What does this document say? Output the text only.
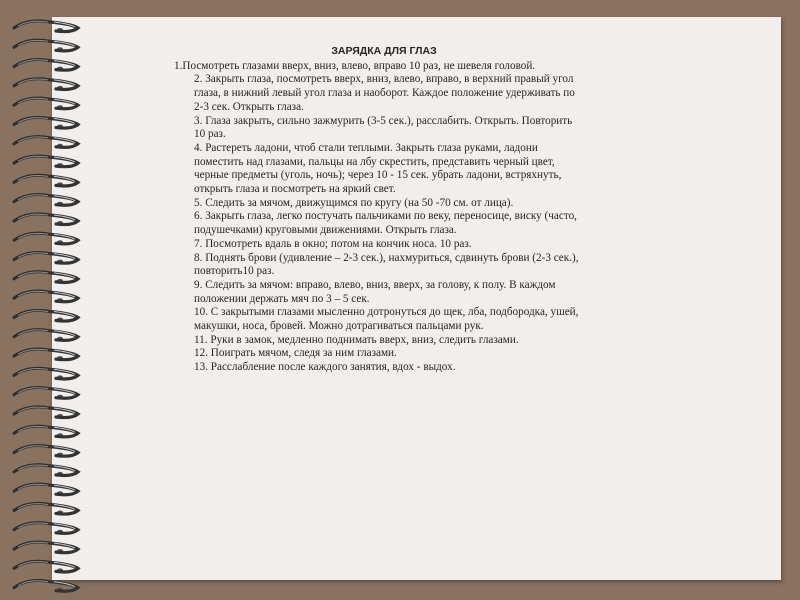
ЗАРЯДКА ДЛЯ ГЛАЗ
1.Посмотреть глазами вверх, вниз, влево, вправо 10 раз, не шевеля головой.
2. Закрыть глаза, посмотреть вверх, вниз, влево, вправо, в верхний правый угол глаза, в нижний левый угол глаза и наоборот. Каждое положение удерживать по 2-3 сек. Открыть глаза.
3. Глаза закрыть, сильно зажмурить (3-5 сек.), расслабить. Открыть. Повторить 10 раз.
4. Растереть ладони, чтоб стали теплыми. Закрыть глаза руками, ладони поместить над глазами, пальцы на лбу скрестить, представить черный цвет, черные предметы (уголь, ночь); через 10 - 15 сек. убрать ладони, встряхнуть, открыть глаза и посмотреть на яркий свет.
5. Следить за мячом, движущимся по кругу (на 50 -70 см. от лица).
6. Закрыть глаза, легко постучать пальчиками по веку, переносице, виску (часто, подушечками) круговыми движениями. Открыть глаза.
7. Посмотреть вдаль в окно; потом на кончик носа. 10 раз.
8. Поднять брови (удивление – 2-3 сек.), нахмуриться, сдвинуть брови (2-3 сек.), повторить10 раз.
9. Следить за мячом: вправо, влево, вниз, вверх, за голову, к полу. В каждом положении держать мяч по 3 – 5 сек.
10. С закрытыми глазами мысленно дотронуться до щек, лба, подбородка, ушей, макушки, носа, бровей. Можно дотрагиваться пальцами рук.
11. Руки в замок, медленно поднимать вверх, вниз, следить глазами.
12. Поиграть мячом, следя за ним глазами.
13. Расслабление после каждого занятия, вдох - выдох.
